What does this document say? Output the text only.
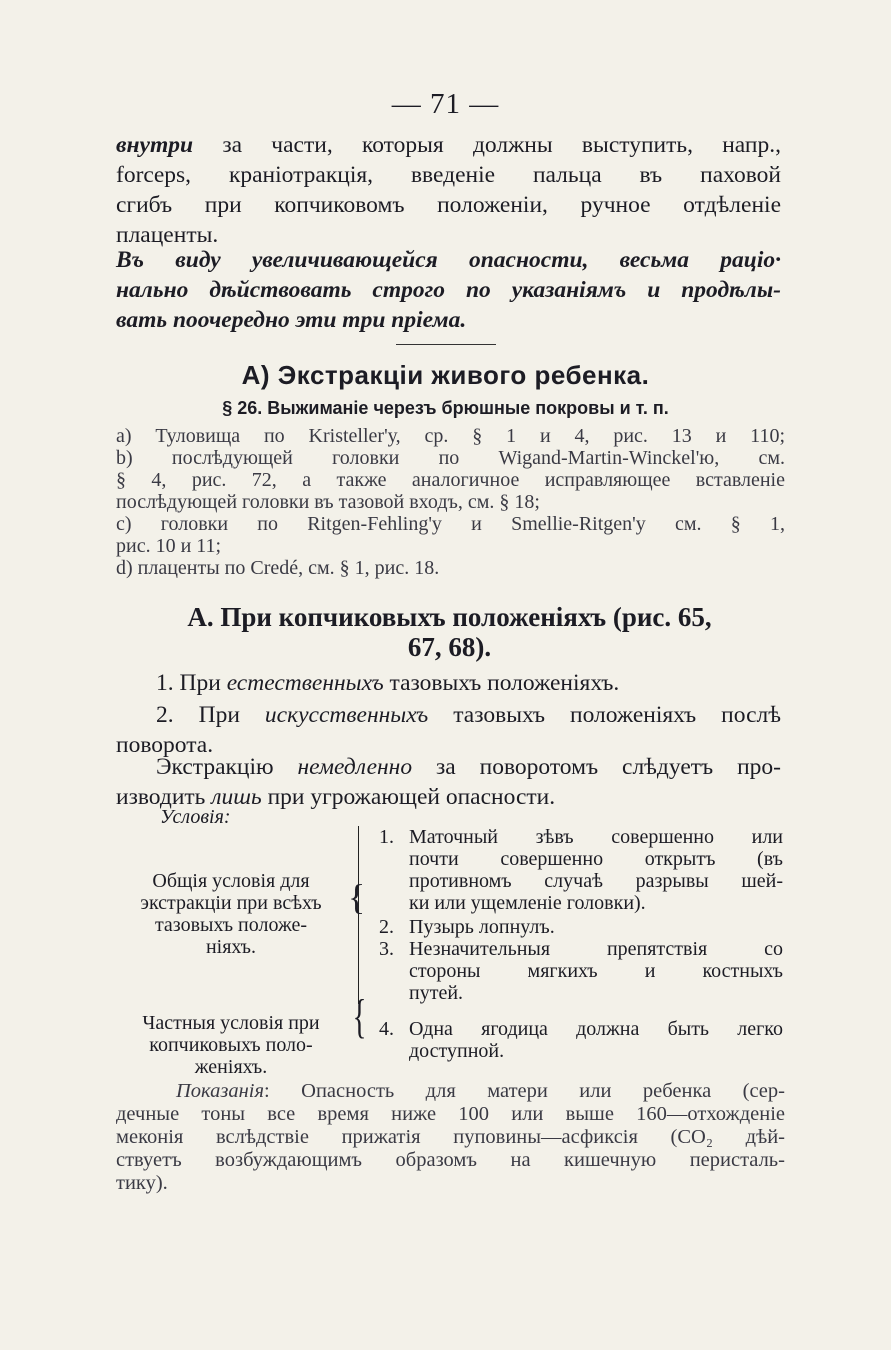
— 71 —
внутри за части, которыя должны выступить, напр.,
forceps, краніотракція, введеніе пальца въ паховой
сгибъ при копчиковомъ положеніи, ручное отдѣленіе
плаценты.
Въ виду увеличивающейся опасности, весьма раціо·
нально дѣйствовать строго по указаніямъ и продѣлы-
вать поочередно эти три пріема.
А) Экстракціи живого ребенка.
§ 26. Выжиманіе черезъ брюшные покровы и т. п.
а) Туловища по Kristeller'у, ср. § 1 и 4, рис. 13 и 110;
b) послѣдующей головки по Wigand-Martin-Winckel'ю, см.
§ 4, рис. 72, а также аналогичное исправляющее вставленіе
послѣдующей головки въ тазовой входъ, см. § 18;
c) головки по Ritgen-Fehling'у и Smellie-Ritgen'у см. § 1,
рис. 10 и 11;
d) плаценты по Credé, см. § 1, рис. 18.
А. При копчиковыхъ положеніяхъ (рис. 65,
67, 68).
1. При естественныхъ тазовыхъ положеніяхъ.
2. При искусственныхъ тазовыхъ положеніяхъ послѣ
поворота.
Экстракцію немедленно за поворотомъ слѣдуетъ про-
изводить лишь при угрожающей опасности.
Условія:
Общія условія для
экстракціи при всѣхъ
тазовыхъ положе-
ніяхъ.
{
Частныя условія при
копчиковыхъ поло-
женіяхъ.
{
1. Маточный зѣвъ совершенно или
почти совершенно открытъ (въ
противномъ случаѣ разрывы шей-
ки или ущемленіе головки).
2. Пузырь лопнулъ.
3. Незначительныя препятствія со
стороны мягкихъ и костныхъ
путей.
4. Одна ягодица должна быть легко
доступной.
Показанія: Опасность для матери или ребенка (сер-
дечные тоны все время ниже 100 или выше 160—отхожденіе
меконія вслѣдствіе прижатія пуповины—асфиксія (CO₂ дѣй-
ствуетъ возбуждающимъ образомъ на кишечную перисталь-
тику).
